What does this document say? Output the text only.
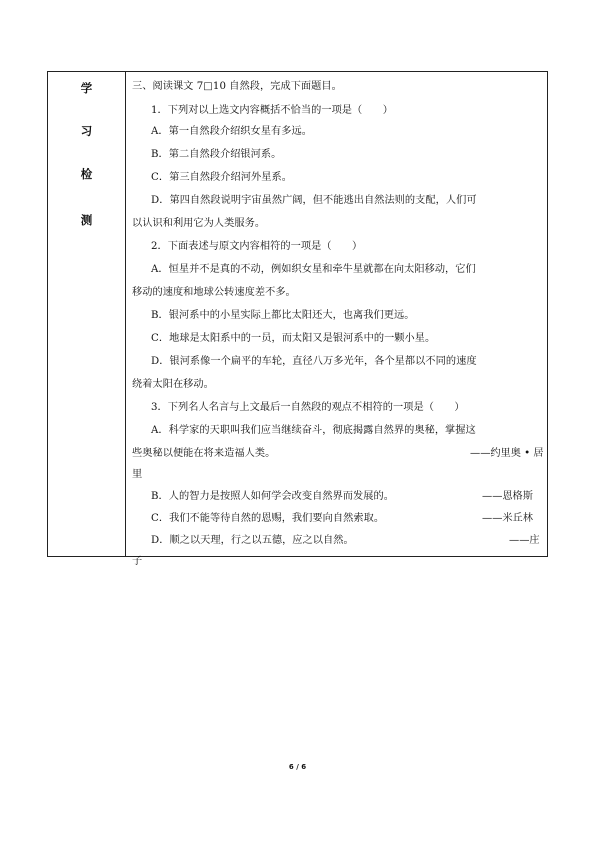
学
习
检
测
三、阅读课文 7□10 自然段，完成下面题目。
1．下列对以上选文内容概括不恰当的一项是（　　）
A．第一自然段介绍织女星有多远。
B．第二自然段介绍银河系。
C．第三自然段介绍河外星系。
D．第四自然段说明宇宙虽然广阔，但不能逃出自然法则的支配，人们可
以认识和利用它为人类服务。
2．下面表述与原文内容相符的一项是（　　）
A．恒星并不是真的不动，例如织女星和牵牛星就都在向太阳移动，它们
移动的速度和地球公转速度差不多。
B．银河系中的小星实际上都比太阳还大，也离我们更远。
C．地球是太阳系中的一员，而太阳又是银河系中的一颗小星。
D．银河系像一个扁平的车轮，直径八万多光年，各个星都以不同的速度
绕着太阳在移动。
3．下列名人名言与上文最后一自然段的观点不相符的一项是（　　）
A．科学家的天职叫我们应当继续奋斗，彻底揭露自然界的奥秘，掌握这
些奥秘以便能在将来造福人类。	——约里奥 • 居
里
B．人的智力是按照人如何学会改变自然界而发展的。	——恩格斯
C．我们不能等待自然的恩赐，我们要向自然索取。	——米丘林
D．顺之以天理，行之以五德，应之以自然。	——庄
子
6 / 6
